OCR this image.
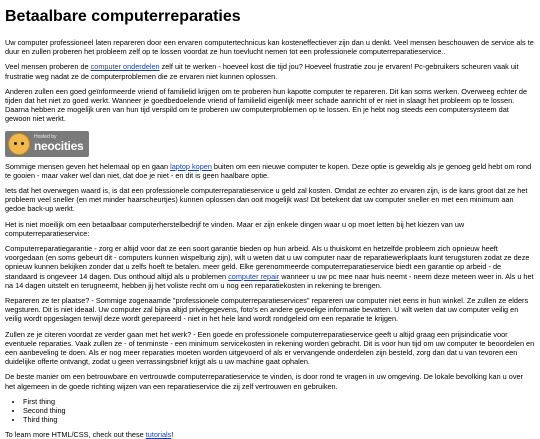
Betaalbare computerreparaties

Uw computer professioneel laten repareren door een ervaren computertechnicus kan kosteneffectiever zijn dan u denkt. Veel mensen beschouwen de service als te duur en zullen proberen het probleem zelf op te lossen voordat ze hun toevlucht nemen tot een professionele computerreparatieservice..

Veel mensen proberen de computer onderdelen zelf uit te werken - hoeveel kost die tijd jou? Hoeveel frustratie zou je ervaren! Pc-gebruikers scheuren vaak uit frustratie weg nadat ze de computerproblemen die ze ervaren niet kunnen oplossen.

Anderen zullen een goed geïnformeerde vriend of familielid krijgen om te proberen hun kapotte computer te repareren. Dit kan soms werken. Overweeg echter de tijden dat het niet zo goed werkt. Wanneer je goedbedoelende vriend of familielid eigenlijk meer schade aanricht of er niet in slaagt het probleem op te lossen. Daarna hebben ze mogelijk uren van hun tijd verspild om te proberen uw computerproblemen op te lossen. En je hebt nog steeds een computersysteem dat gewoon niet werkt.

Hosted by
neocities

Sommige mensen geven het helemaal op en gaan laptop kopen buiten om een nieuwe computer te kopen. Deze optie is geweldig als je genoeg geld hebt om rond te gooien - maar vaker wel dan niet, dat doe je niet - en dit is geen haalbare optie.

Iets dat het overwegen waard is, is dat een professionele computerreparatieservice u geld zal kosten. Omdat ze echter zo ervaren zijn, is de kans groot dat ze het probleem veel sneller (en met minder haarscheurtjes) kunnen oplossen dan ooit mogelijk was! Dit betekent dat uw computer sneller en met een minimum aan gedoe back-up werkt.

Het is niet moeilijk om een betaalbaar computerherstelbedrijf te vinden. Maar er zijn enkele dingen waar u op moet letten bij het kiezen van uw computerreparatieservice:

Computerreparatiegarantie - zorg er altijd voor dat ze een soort garantie bieden op hun arbeid. Als u thuiskomt en hetzelfde probleem zich opnieuw heeft voorgedaan (en soms gebeurt dit - computers kunnen wispelturig zijn), wilt u weten dat u uw computer naar de reparatiewerkplaats kunt terugsturen zodat ze deze opnieuw kunnen bekijken zonder dat u zelfs hoeft te betalen. meer geld. Elke gerenommeerde computerreparatieservice biedt een garantie op arbeid - de standaard is ongeveer 14 dagen. Dus onthoud altijd als u problemen computer repair wanneer u uw pc mee naar huis neemt - neem deze meteen weer in. Als u het na 14 dagen uitstelt en terugneemt, hebben jij het voliste recht om u nog een reparatiekosten in rekening te brengen.

Repareren ze ter plaatse? - Sommige zogenaamde "professionele computerreparatieservices" repareren uw computer niet eens in hun winkel. Ze zullen ze elders wegsturen. Dit is niet ideaal. Uw computer zal bijna altijd privégegevens, foto's en andere gevoelige informatie bevatten. U wilt weten dat uw computer veilig en veilig wordt opgeslagen terwijl deze wordt gerepareerd - niet in het hele land wordt rondgeleid om een reparatie te krijgen.

Zullen ze je citeren voordat ze verder gaan met het werk? - Een goede en professionele computerreparatieservice geeft u altijd graag een prijsindicatie voor eventuele reparaties. Vaak zullen ze - of tenminste - een minimum servicekosten in rekening worden gebracht. Dit is voor hun tijd om uw computer te beoordelen en een aanbeveling te doen. Als er nog meer reparaties moeten worden uitgevoerd of als er vervangende onderdelen zijn besteld, zorg dan dat u van tevoren een duidelijke offerte ontvangt, zodat u geen verrassingsbrief krijgt als u uw machine gaat ophalen.

De beste manier om een betrouwbare en vertrouwde computerreparatieservice te vinden, is door rond te vragen in uw omgeving. De lokale bevolking kan u over het algemeen in de goede richting wijzen van een reparatieservice die zij zelf vertrouwen en gebruiken.

• First thing
• Second thing
• Third thing

To learn more HTML/CSS, check out these tutorials!
